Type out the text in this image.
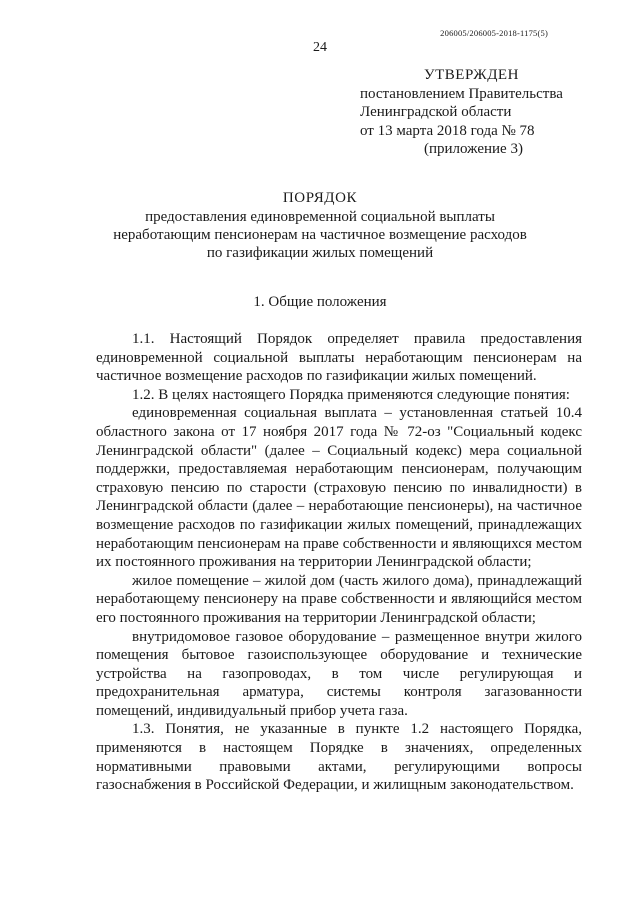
206005/206005-2018-1175(5)
24
УТВЕРЖДЕН
постановлением Правительства
Ленинградской области
от 13 марта 2018 года № 78
(приложение 3)
ПОРЯДОК
предоставления единовременной социальной выплаты
неработающим пенсионерам на частичное возмещение расходов
по газификации жилых помещений
1. Общие положения

1.1. Настоящий Порядок определяет правила предоставления единовременной социальной выплаты неработающим пенсионерам на частичное возмещение расходов по газификации жилых помещений.

1.2. В целях настоящего Порядка применяются следующие понятия:

единовременная социальная выплата – установленная статьей 10.4 областного закона от 17 ноября 2017 года № 72-оз "Социальный кодекс Ленинградской области" (далее – Социальный кодекс) мера социальной поддержки, предоставляемая неработающим пенсионерам, получающим страховую пенсию по старости (страховую пенсию по инвалидности) в Ленинградской области (далее – неработающие пенсионеры), на частичное возмещение расходов по газификации жилых помещений, принадлежащих неработающим пенсионерам на праве собственности и являющихся местом их постоянного проживания на территории Ленинградской области;

жилое помещение – жилой дом (часть жилого дома), принадлежащий неработающему пенсионеру на праве собственности и являющийся местом его постоянного проживания на территории Ленинградской области;

внутридомовое газовое оборудование – размещенное внутри жилого помещения бытовое газоиспользующее оборудование и технические устройства на газопроводах, в том числе регулирующая и предохранительная арматура, системы контроля загазованности помещений, индивидуальный прибор учета газа.

1.3. Понятия, не указанные в пункте 1.2 настоящего Порядка, применяются в настоящем Порядке в значениях, определенных нормативными правовыми актами, регулирующими вопросы газоснабжения в Российской Федерации, и жилищным законодательством.
